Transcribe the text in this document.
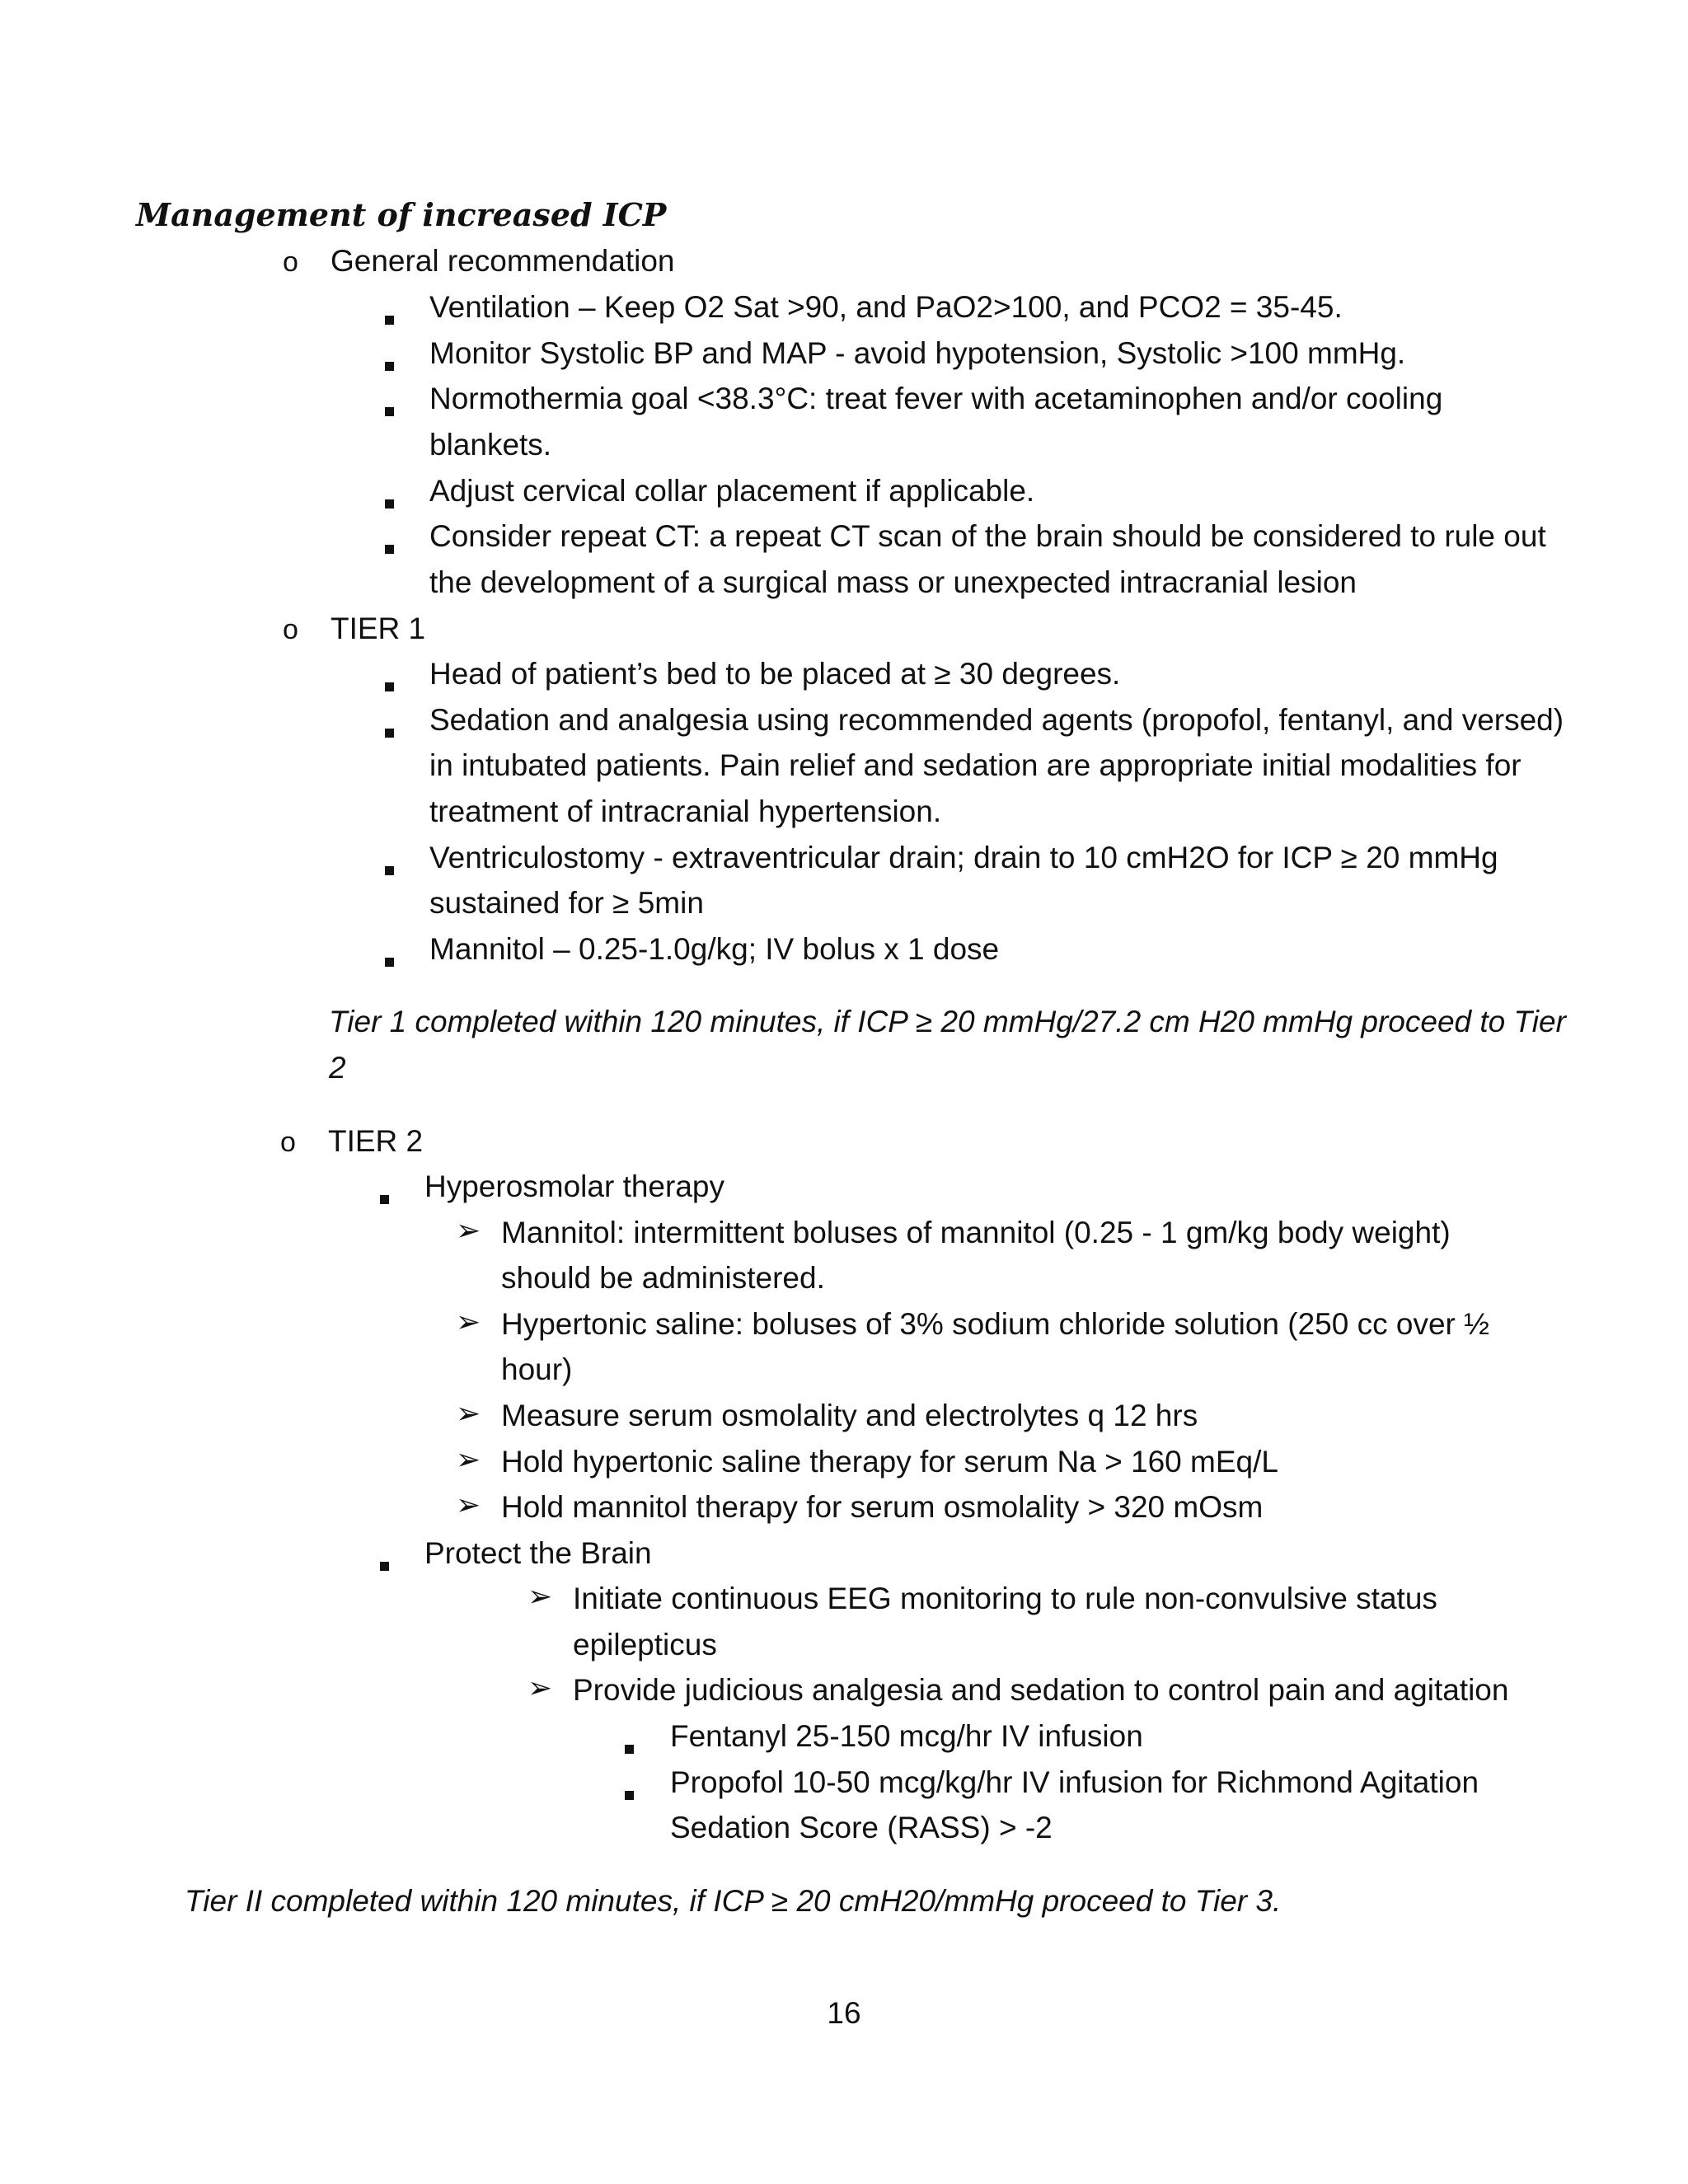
Management of increased ICP
o General recommendation
Ventilation – Keep O2 Sat >90, and PaO2>100, and PCO2 = 35-45.
Monitor Systolic BP and MAP - avoid hypotension, Systolic >100 mmHg.
Normothermia goal <38.3°C: treat fever with acetaminophen and/or cooling
blankets.
Adjust cervical collar placement if applicable.
Consider repeat CT: a repeat CT scan of the brain should be considered to rule out
the development of a surgical mass or unexpected intracranial lesion
o TIER 1
Head of patient’s bed to be placed at ≥ 30 degrees.
Sedation and analgesia using recommended agents (propofol, fentanyl, and versed)
in intubated patients. Pain relief and sedation are appropriate initial modalities for
treatment of intracranial hypertension.
Ventriculostomy - extraventricular drain; drain to 10 cmH2O for ICP ≥ 20 mmHg
sustained for ≥ 5min
Mannitol – 0.25-1.0g/kg; IV bolus x 1 dose
Tier 1 completed within 120 minutes, if ICP ≥ 20 mmHg/27.2 cm H20 mmHg proceed to Tier
2
o TIER 2
Hyperosmolar therapy
➢ Mannitol: intermittent boluses of mannitol (0.25 - 1 gm/kg body weight)
should be administered.
➢ Hypertonic saline: boluses of 3% sodium chloride solution (250 cc over ½
hour)
➢ Measure serum osmolality and electrolytes q 12 hrs
➢ Hold hypertonic saline therapy for serum Na > 160 mEq/L
➢ Hold mannitol therapy for serum osmolality > 320 mOsm
Protect the Brain
➢ Initiate continuous EEG monitoring to rule non-convulsive status
epilepticus
➢ Provide judicious analgesia and sedation to control pain and agitation
Fentanyl 25-150 mcg/hr IV infusion
Propofol 10-50 mcg/kg/hr IV infusion for Richmond Agitation
Sedation Score (RASS) > -2
Tier II completed within 120 minutes, if ICP ≥ 20 cmH20/mmHg proceed to Tier 3.
16
